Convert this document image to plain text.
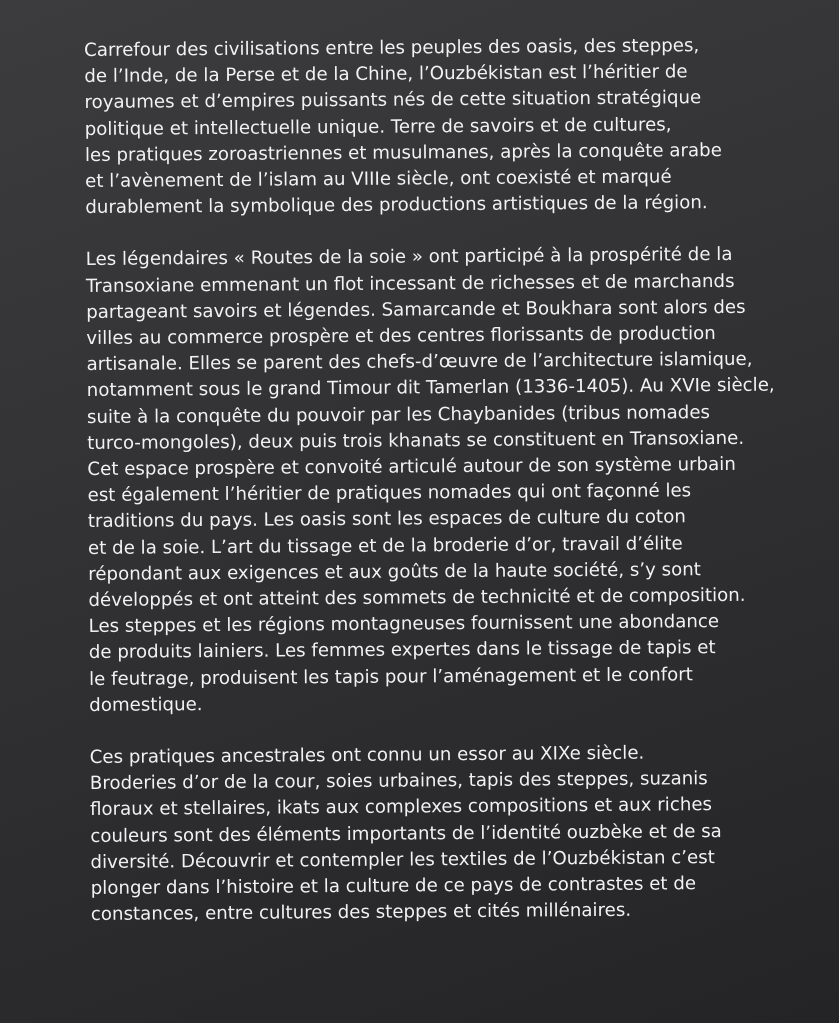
Carrefour des civilisations entre les peuples des oasis, des steppes,
de l’Inde, de la Perse et de la Chine, l’Ouzbékistan est l’héritier de
royaumes et d’empires puissants nés de cette situation stratégique
politique et intellectuelle unique. Terre de savoirs et de cultures,
les pratiques zoroastriennes et musulmanes, après la conquête arabe
et l’avènement de l’islam au VIIIe siècle, ont coexisté et marqué
durablement la symbolique des productions artistiques de la région.

Les légendaires « Routes de la soie » ont participé à la prospérité de la
Transoxiane emmenant un flot incessant de richesses et de marchands
partageant savoirs et légendes. Samarcande et Boukhara sont alors des
villes au commerce prospère et des centres florissants de production
artisanale. Elles se parent des chefs-d’œuvre de l’architecture islamique,
notamment sous le grand Timour dit Tamerlan (1336-1405). Au XVIe siècle,
suite à la conquête du pouvoir par les Chaybanides (tribus nomades
turco-mongoles), deux puis trois khanats se constituent en Transoxiane.
Cet espace prospère et convoité articulé autour de son système urbain
est également l’héritier de pratiques nomades qui ont façonné les
traditions du pays. Les oasis sont les espaces de culture du coton
et de la soie. L’art du tissage et de la broderie d’or, travail d’élite
répondant aux exigences et aux goûts de la haute société, s’y sont
développés et ont atteint des sommets de technicité et de composition.
Les steppes et les régions montagneuses fournissent une abondance
de produits lainiers. Les femmes expertes dans le tissage de tapis et
le feutrage, produisent les tapis pour l’aménagement et le confort
domestique.

Ces pratiques ancestrales ont connu un essor au XIXe siècle.
Broderies d’or de la cour, soies urbaines, tapis des steppes, suzanis
floraux et stellaires, ikats aux complexes compositions et aux riches
couleurs sont des éléments importants de l’identité ouzbèke et de sa
diversité. Découvrir et contempler les textiles de l’Ouzbékistan c’est
plonger dans l’histoire et la culture de ce pays de contrastes et de
constances, entre cultures des steppes et cités millénaires.
